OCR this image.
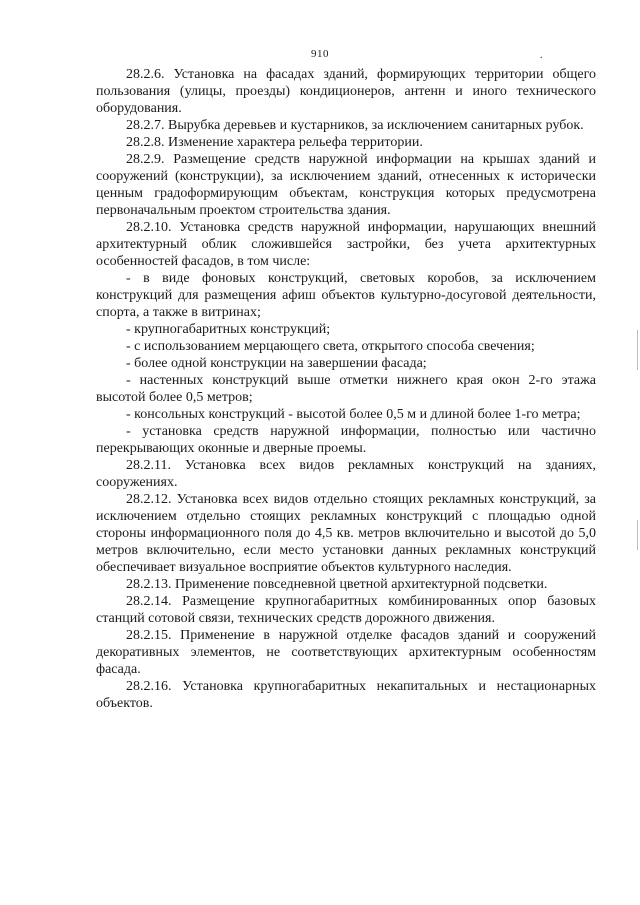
910	.

28.2.6. Установка на фасадах зданий, формирующих территории общего пользования (улицы, проезды) кондиционеров, антенн и иного технического оборудования.

28.2.7. Вырубка деревьев и кустарников, за исключением санитарных рубок.

28.2.8. Изменение характера рельефа территории.

28.2.9. Размещение средств наружной информации на крышах зданий и сооружений (конструкции), за исключением зданий, отнесенных к исторически ценным градоформирующим объектам, конструкция которых предусмотрена первоначальным проектом строительства здания.

28.2.10. Установка средств наружной информации, нарушающих внешний архитектурный облик сложившейся застройки, без учета архитектурных особенностей фасадов, в том числе:

- в виде фоновых конструкций, световых коробов, за исключением конструкций для размещения афиш объектов культурно-досуговой деятельности, спорта, а также в витринах;

- крупногабаритных конструкций;

- с использованием мерцающего света, открытого способа свечения;

- более одной конструкции на завершении фасада;

- настенных конструкций выше отметки нижнего края окон 2-го этажа высотой более 0,5 метров;

- консольных конструкций - высотой более 0,5 м и длиной более 1-го метра;

- установка средств наружной информации, полностью или частично перекрывающих оконные и дверные проемы.

28.2.11. Установка всех видов рекламных конструкций на зданиях, сооружениях.

28.2.12. Установка всех видов отдельно стоящих рекламных конструкций, за исключением отдельно стоящих рекламных конструкций с площадью одной стороны информационного поля до 4,5 кв. метров включительно и высотой до 5,0 метров включительно, если место установки данных рекламных конструкций обеспечивает визуальное восприятие объектов культурного наследия.

28.2.13. Применение повседневной цветной архитектурной подсветки.

28.2.14. Размещение крупногабаритных комбинированных опор базовых станций сотовой связи, технических средств дорожного движения.

28.2.15. Применение в наружной отделке фасадов зданий и сооружений декоративных элементов, не соответствующих архитектурным особенностям фасада.

28.2.16. Установка крупногабаритных некапитальных и нестационарных объектов.
